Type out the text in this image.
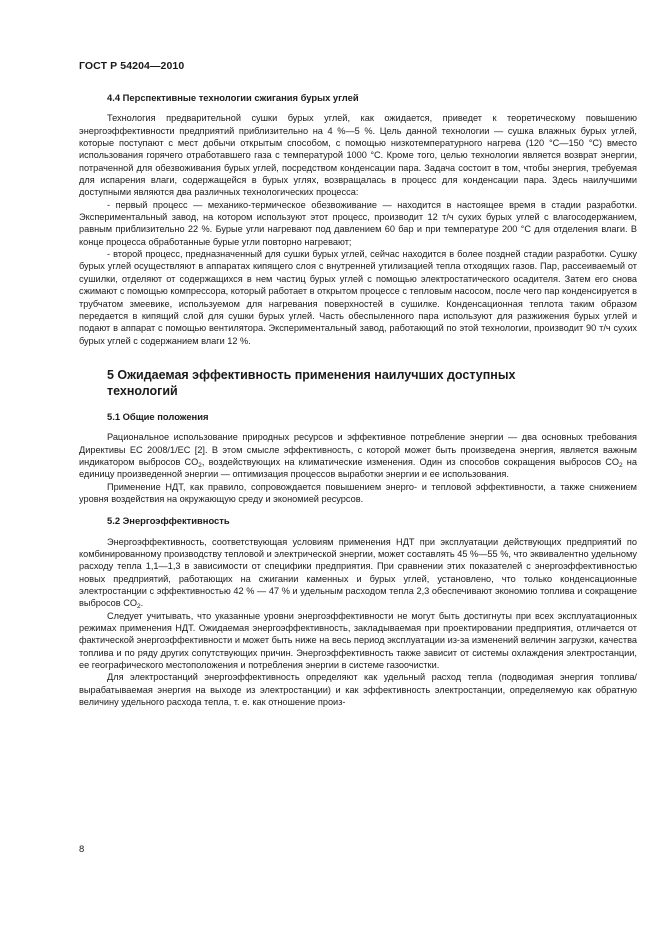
ГОСТ Р 54204—2010
4.4 Перспективные технологии сжигания бурых углей

Технология предварительной сушки бурых углей, как ожидается, приведет к теоретическому повышению энергоэффективности предприятий приблизительно на 4 %—5 %. Цель данной технологии — сушка влажных бурых углей, которые поступают с мест добычи открытым способом, с помощью низкотемпературного нагрева (120 °C—150 °C) вместо использования горячего отработавшего газа с температурой 1000 °C. Кроме того, целью технологии является возврат энергии, потраченной для обезвоживания бурых углей, посредством конденсации пара. Задача состоит в том, чтобы энергия, требуемая для испарения влаги, содержащейся в бурых углях, возвращалась в процесс для конденсации пара. Здесь наилучшими доступными являются два различных технологических процесса:

- первый процесс — механико-термическое обезвоживание — находится в настоящее время в стадии разработки. Экспериментальный завод, на котором используют этот процесс, производит 12 т/ч сухих бурых углей с влагосодержанием, равным приблизительно 22 %. Бурые угли нагревают под давлением 60 бар и при температуре 200 °C для отделения влаги. В конце процесса обработанные бурые угли повторно нагревают;

- второй процесс, предназначенный для сушки бурых углей, сейчас находится в более поздней стадии разработки. Сушку бурых углей осуществляют в аппаратах кипящего слоя с внутренней утилизацией тепла отходящих газов. Пар, рассеиваемый от сушилки, отделяют от содержащихся в нем частиц бурых углей с помощью электростатического осадителя. Затем его снова сжимают с помощью компрессора, который работает в открытом процессе с тепловым насосом, после чего пар конденсируется в трубчатом змеевике, используемом для нагревания поверхностей в сушилке. Конденсационная теплота таким образом передается в кипящий слой для сушки бурых углей. Часть обеспыленного пара используют для разжижения бурых углей и подают в аппарат с помощью вентилятора. Экспериментальный завод, работающий по этой технологии, производит 90 т/ч сухих бурых углей с содержанием влаги 12 %.

5 Ожидаемая эффективность применения наилучших доступных технологий
5.1 Общие положения

Рациональное использование природных ресурсов и эффективное потребление энергии — два основных требования Директивы ЕС 2008/1/ЕС [2]. В этом смысле эффективность, с которой может быть произведена энергия, является важным индикатором выбросов $CO_2$, воздействующих на климатические изменения. Один из способов сокращения выбросов $CO_2$ на единицу произведенной энергии — оптимизация процессов выработки энергии и ее использования.

Применение НДТ, как правило, сопровождается повышением энерго- и тепловой эффективности, а также снижением уровня воздействия на окружающую среду и экономией ресурсов.

5.2 Энергоэффективность

Энергоэффективность, соответствующая условиям применения НДТ при эксплуатации действующих предприятий по комбинированному производству тепловой и электрической энергии, может составлять 45 %—55 %, что эквивалентно удельному расходу тепла 1,1—1,3 в зависимости от специфики предприятия. При сравнении этих показателей с энергоэффективностью новых предприятий, работающих на сжигании каменных и бурых углей, установлено, что только конденсационные электростанции с эффективностью 42 % — 47 % и удельным расходом тепла 2,3 обеспечивают экономию топлива и сокращение выбросов $CO_2$.

Следует учитывать, что указанные уровни энергоэффективности не могут быть достигнуты при всех эксплуатационных режимах применения НДТ. Ожидаемая энергоэффективность, закладываемая при проектировании предприятия, отличается от фактической энергоэффективности и может быть ниже на весь период эксплуатации из-за изменений величин загрузки, качества топлива и по ряду других сопутствующих причин. Энергоэффективность также зависит от системы охлаждения электростанции, ее географического местоположения и потребления энергии в системе газоочистки.

Для электростанций энергоэффективность определяют как удельный расход тепла (подводимая энергия топлива/вырабатываемая энергия на выходе из электростанции) и как эффективность электростанции, определяемую как обратную величину удельного расхода тепла, т. е. как отношение произ-

8
